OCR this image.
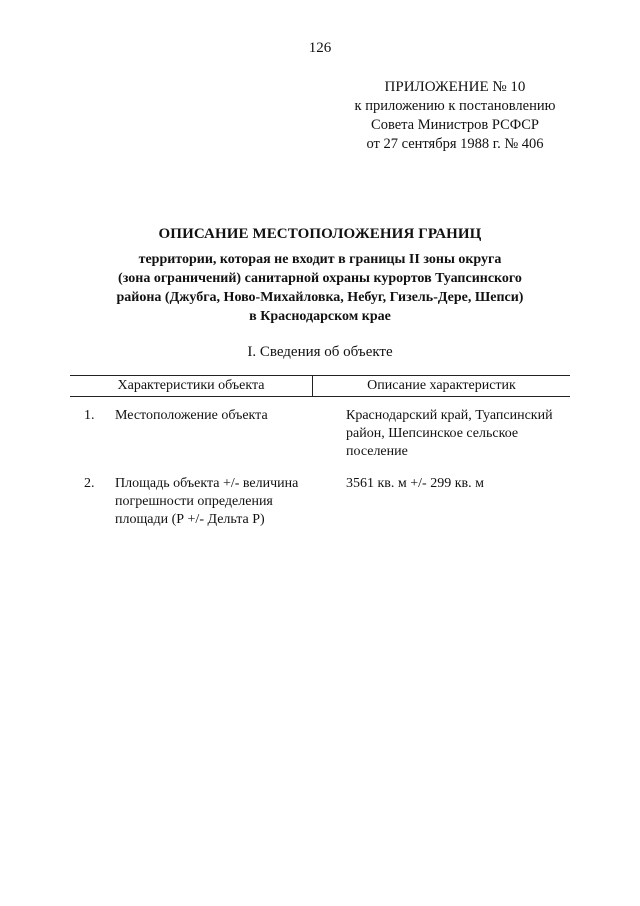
126
ПРИЛОЖЕНИЕ № 10
к приложению к постановлению
Совета Министров РСФСР
от 27 сентября 1988 г. № 406
ОПИСАНИЕ МЕСТОПОЛОЖЕНИЯ ГРАНИЦ
территории, которая не входит в границы II зоны округа
(зона ограничений) санитарной охраны курортов Туапсинского
района (Джубга, Ново-Михайловка, Небуг, Гизель-Дере, Шепси)
в Краснодарском крае
I. Сведения об объекте
Характеристики объекта	Описание характеристик
1. Местоположение объекта	Краснодарский край, Туапсинский район, Шепсинское сельское поселение
2. Площадь объекта +/- величина погрешности определения площади (Р +/- Дельта Р)
3561 кв. м +/- 299 кв. м
